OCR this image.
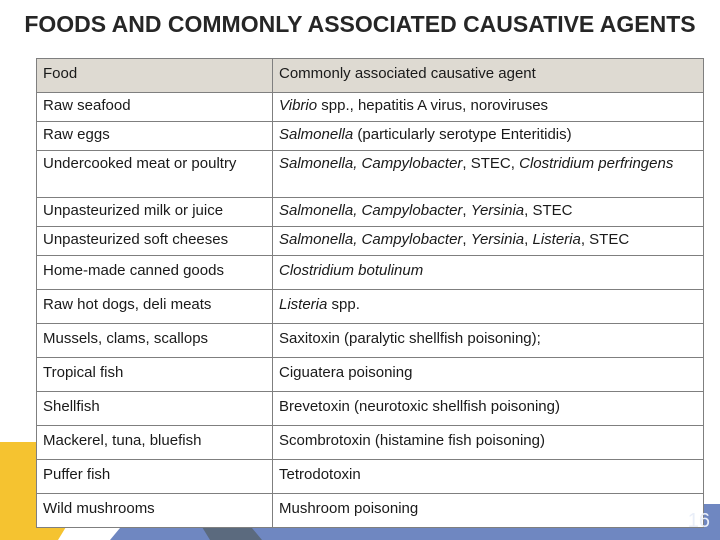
FOODS AND COMMONLY ASSOCIATED CAUSATIVE AGENTS
Food	Commonly associated causative agent
Raw seafood	Vibrio spp., hepatitis A virus, noroviruses
Raw eggs	Salmonella (particularly serotype Enteritidis)
Undercooked meat or poultry	Salmonella, Campylobacter, STEC, Clostridium perfringens
Unpasteurized milk or juice	Salmonella, Campylobacter, Yersinia, STEC
Unpasteurized soft cheeses	Salmonella, Campylobacter, Yersinia, Listeria, STEC
Home-made canned goods	Clostridium botulinum
Raw hot dogs, deli meats	Listeria spp.
Mussels, clams, scallops	Saxitoxin (paralytic shellfish poisoning);
Tropical fish	Ciguatera poisoning
Shellfish	Brevetoxin (neurotoxic shellfish poisoning)
Mackerel, tuna, bluefish	Scombrotoxin (histamine fish poisoning)
Puffer fish	Tetrodotoxin
Wild mushrooms	Mushroom poisoning
16
